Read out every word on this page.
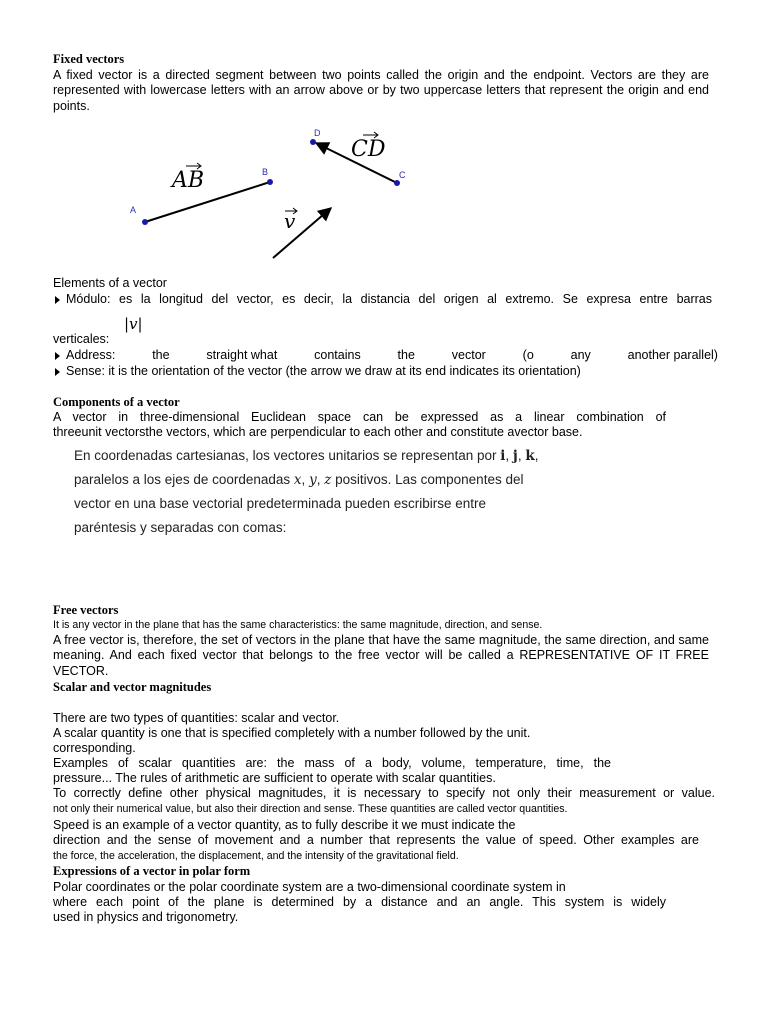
Fixed vectors
A fixed vector is a directed segment between two points called the origin and the endpoint. Vectors are they are represented with lowercase letters with an arrow above or by two uppercase letters that represent the origin and end points.
A
B	C
D
AB
CD
v
Elements of a vector
Módulo: es la longitud del vector, es decir, la distancia del origen al extremo. Se expresa entre barras
|v|
verticales:
Address:	the	straight what	contains	the	vector	(o	any	another parallel)
Sense: it is the orientation of the vector (the arrow we draw at its end indicates its orientation)
Components of a vector
A vector in three-dimensional Euclidean space can be expressed as a linear combination of
threeunit vectorsthe vectors, which are perpendicular to each other and constitute avector base.
En coordenadas cartesianas, los vectores unitarios se representan por i, j, k,
paralelos a los ejes de coordenadas x, y, z positivos. Las componentes del
vector en una base vectorial predeterminada pueden escribirse entre
paréntesis y separadas con comas:
Free vectors
It is any vector in the plane that has the same characteristics: the same magnitude, direction, and sense.
A free vector is, therefore, the set of vectors in the plane that have the same magnitude, the same direction, and same meaning. And each fixed vector that belongs to the free vector will be called a REPRESENTATIVE OF IT FREE VECTOR.
Scalar and vector magnitudes
There are two types of quantities: scalar and vector.
A scalar quantity is one that is specified completely with a number followed by the unit.
corresponding.
Examples of scalar quantities are: the mass of a body, volume, temperature, time, the
pressure... The rules of arithmetic are sufficient to operate with scalar quantities.
To correctly define other physical magnitudes, it is necessary to specify not only their measurement or value.
not only their numerical value, but also their direction and sense. These quantities are called vector quantities.
Speed is an example of a vector quantity, as to fully describe it we must indicate the
direction and the sense of movement and a number that represents the value of speed. Other examples are
the force, the acceleration, the displacement, and the intensity of the gravitational field.
Expressions of a vector in polar form
Polar coordinates or the polar coordinate system are a two-dimensional coordinate system in
where each point of the plane is determined by a distance and an angle. This system is widely
used in physics and trigonometry.
